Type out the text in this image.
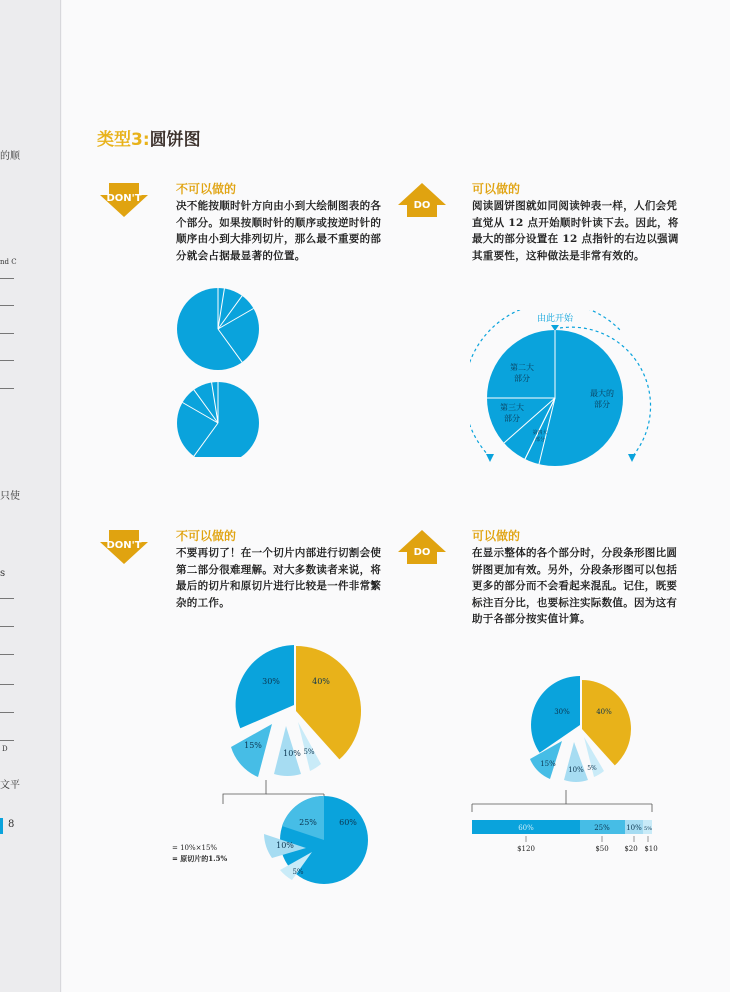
的顺
nd C
只使
s
D
文平
8
类型3:圆饼图
DON'T
不可以做的
决不能按顺时针方向由小到大绘制图表的各个部分。如果按顺时针的顺序或按逆时针的顺序由小到大排列切片，那么最不重要的部分就会占据最显著的位置。
DO
可以做的
阅读圆饼图就如同阅读钟表一样，人们会凭直觉从 12 点开始顺时针读下去。因此，将最大的部分设置在 12 点指针的右边以强调其重要性，这种做法是非常有效的。
由此开始
最大的
部分
第二大
部分
第三大
部分
第四大
部分
DON'T
不可以做的
不要再切了！在一个切片内部进行切割会使第二部分很难理解。对大多数读者来说，将最后的切片和原切片进行比较是一件非常繁杂的工作。
30%	40%
15%
10% 5%
60%
25%
10%
5%
= 10%×15%
= 原切片的1.5%
DO
可以做的
在显示整体的各个部分时，分段条形图比圆饼图更加有效。另外，分段条形图可以包括更多的部分而不会看起来混乱。记住，既要标注百分比，也要标注实际数值。因为这有助于各部分按实值计算。
30%	40%
15%
10% 5%
60%	25% 10% 5%
$120	$50 $20 $10
